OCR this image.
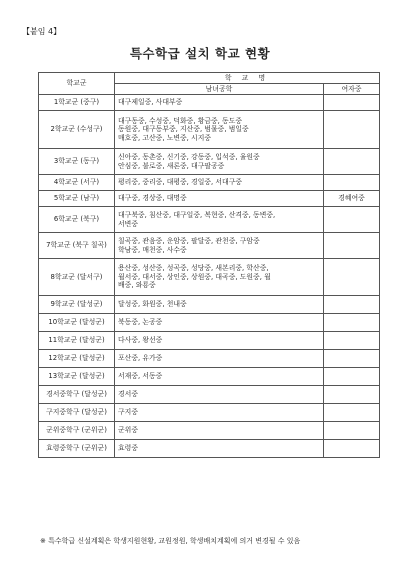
【붙임 4】
특수학급 설치 학교 현황
학교군	학 교 명	
	남녀공학	여자중
1학교군 (중구)	대구제일중, 사대부중	
2학교군 (수성구)	대구동중, 수성중, 덕화중, 황금중, 동도중
동원중, 대구동부중, 지산중, 범물중, 범일중
매호중, 고산중, 노변중, 시지중	
3학교군 (동구)	신아중, 동촌중, 신기중, 강동중, 입석중, 율원중
안심중, 불로중, 새론중, 대구팔공중	
4학교군 (서구)	평리중, 중리중, 대평중, 경일중, 서대구중	
5학교군 (남구)	대구중, 경상중, 대명중	경혜여중
6학교군 (북구)	대구북중, 침산중, 대구일중, 복현중, 산격중, 동변중,
서변중	
7학교군 (북구 칠곡)	칠곡중, 관음중, 운암중, 팔달중, 관천중, 구암중
학남중, 매천중, 사수중	
8학교군 (달서구)	용산중, 성산중, 성곡중, 성당중, 새본리중, 학산중,
월서중, 대서중, 상인중, 상원중, 대곡중, 도원중, 월
배중, 와룡중	
9학교군 (달성군)	달성중, 화원중, 천내중	
10학교군 (달성군)	북동중, 논공중	
11학교군 (달성군)	다사중, 왕선중	
12학교군 (달성군)	포산중, 유가중	
13학교군 (달성군)	서재중, 서동중	
경서중학구 (달성군)	경서중	
구지중학구 (달성군)	구지중	
군위중학구 (군위군)	군위중	
효령중학구 (군위군)	효령중	
※ 특수학급 신설계획은 학생지원현황, 교원정원, 학생배치계획에 의거 변경될 수 있음
